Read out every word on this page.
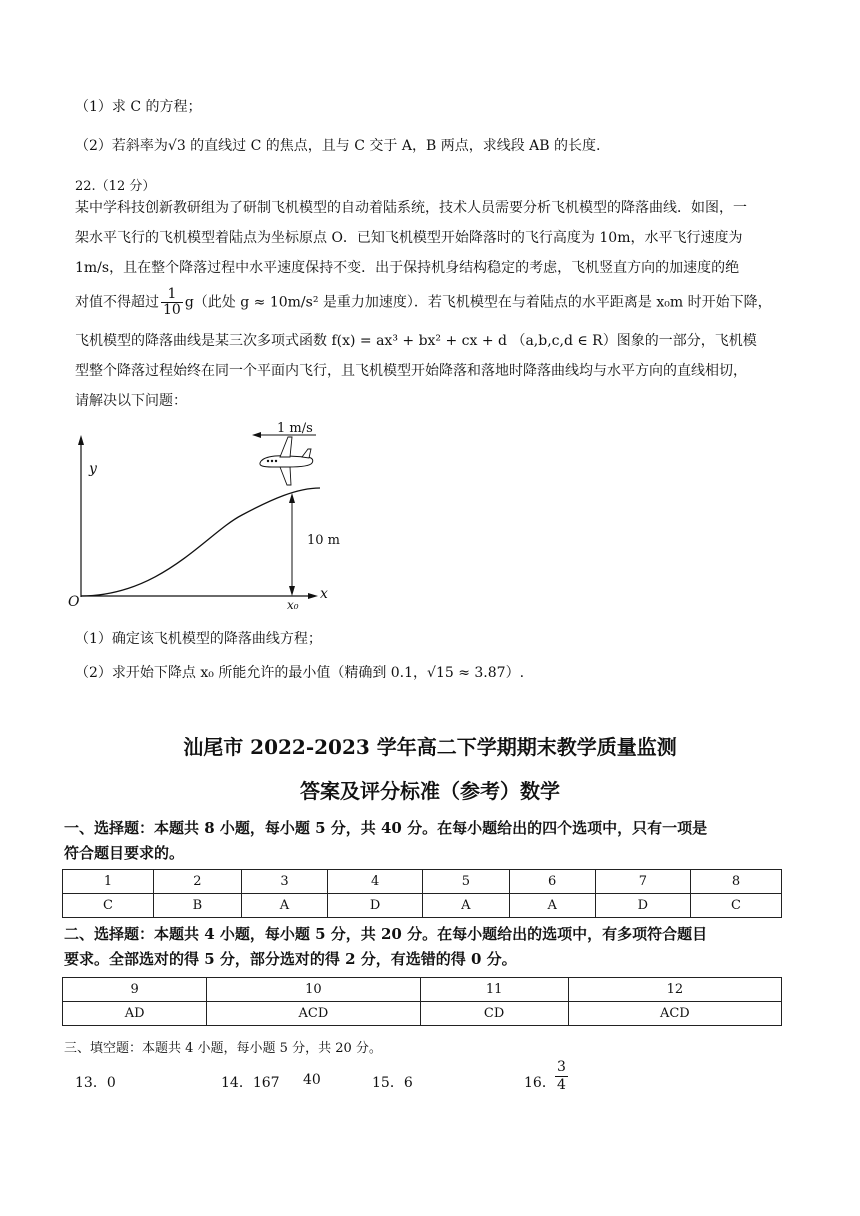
（1）求 C 的方程；
（2）若斜率为√3 的直线过 C 的焦点，且与 C 交于 A，B 两点，求线段 AB 的长度.
22.（12 分）
某中学科技创新教研组为了研制飞机模型的自动着陆系统，技术人员需要分析飞机模型的降落曲线．如图，一
架水平飞行的飞机模型着陆点为坐标原点 O．已知飞机模型开始降落时的飞行高度为 10m，水平飞行速度为
1m/s，且在整个降落过程中水平速度保持不变．出于保持机身结构稳定的考虑，飞机竖直方向的加速度的绝
对值不得超过 $\frac{1}{10} g$（此处 g ≈ 10m/s² 是重力加速度）．若飞机模型在与着陆点的水平距离是 x₀m 时开始下降，
飞机模型的降落曲线是某三次多项式函数 f(x) = ax³ + bx² + cx + d （a,b,c,d ∈ R）图象的一部分，飞机模
型整个降落过程始终在同一个平面内飞行，且飞机模型开始降落和落地时降落曲线均与水平方向的直线相切，
请解决以下问题：
1 m/s
y
x
O	x₀
10 m
（1）确定该飞机模型的降落曲线方程；
（2）求开始下降点 x₀ 所能允许的最小值（精确到 0.1，√15 ≈ 3.87）.
汕尾市 2022-2023 学年高二下学期期末教学质量监测
答案及评分标准（参考）数学
一、选择题：本题共 8 小题，每小题 5 分，共 40 分。在每小题给出的四个选项中，只有一项是
符合题目要求的。
1	2	3	4	5	6	7	8
C	B	A	D	A	A	D	C
二、选择题：本题共 4 小题，每小题 5 分，共 20 分。在每小题给出的选项中，有多项符合题目
要求。全部选对的得 5 分，部分选对的得 2 分，有选错的得 0 分。
9	10	11	12
AD	ACD	CD	ACD
三、填空题：本题共 4 小题，每小题 5 分，共 20 分。
13．0	14．167 40	15．6	16． $\frac{3}{4}$
